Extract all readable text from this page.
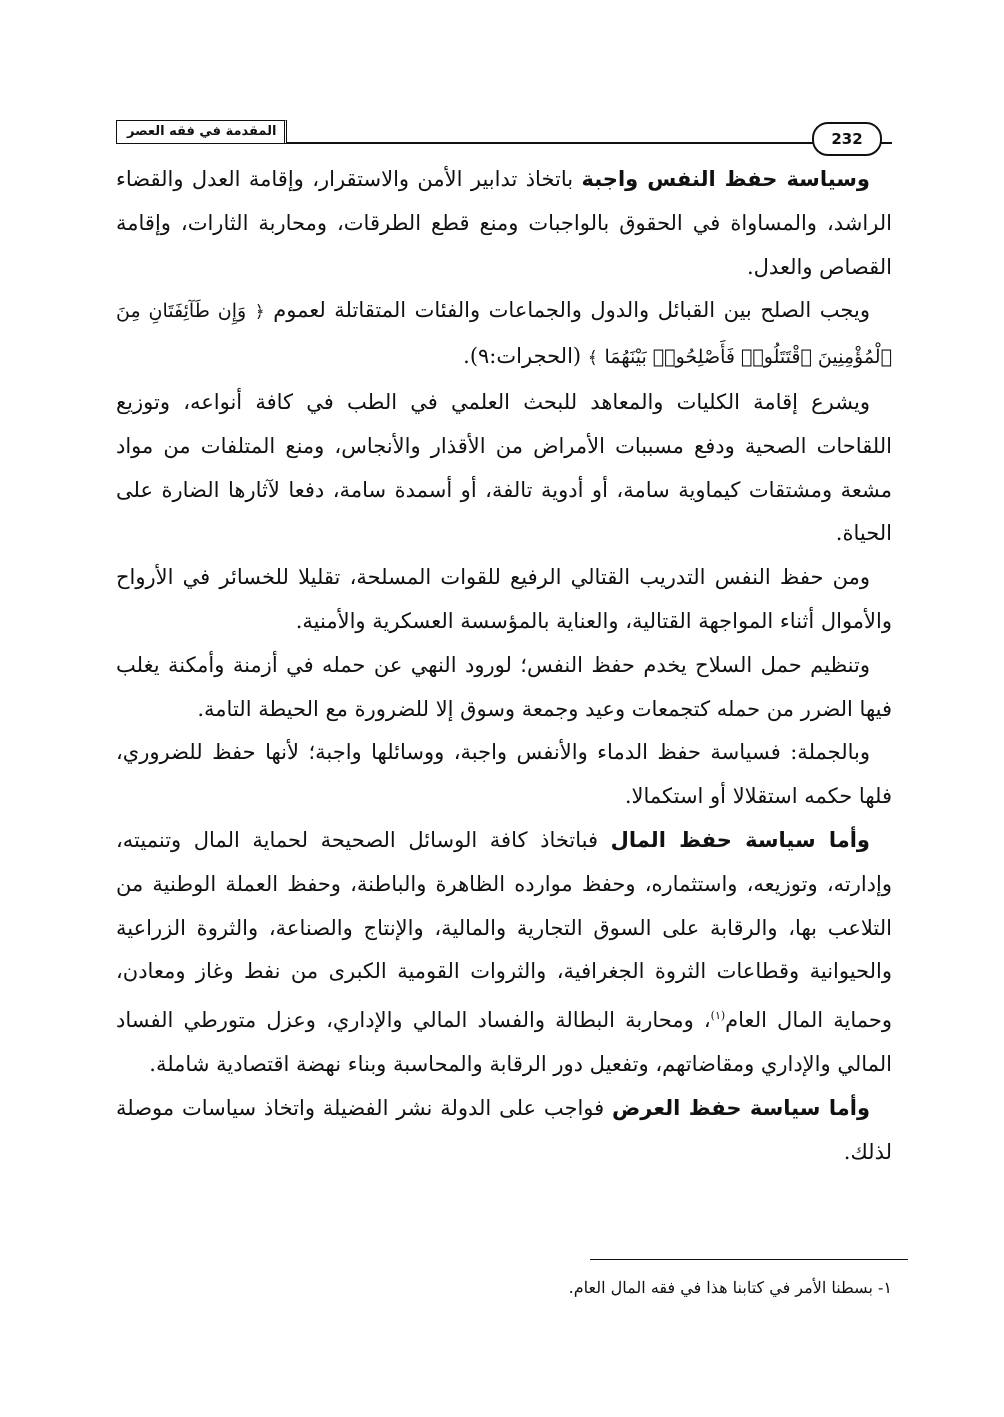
المقدمة في فقه العصر	232

وسياسة حفظ النفس واجبة باتخاذ تدابير الأمن والاستقرار، وإقامة العدل والقضاء الراشد، والمساواة في الحقوق بالواجبات ومنع قطع الطرقات، ومحاربة الثارات، وإقامة القصاص والعدل.

ويجب الصلح بين القبائل والدول والجماعات والفئات المتقاتلة لعموم ﴿ وَإِن طَآئِفَتَانِ مِنَ ٱلْمُؤْمِنِينَ ٱقْتَتَلُوا۟ فَأَصْلِحُوا۟ بَيْنَهُمَا ﴾ (الحجرات:٩).

ويشرع إقامة الكليات والمعاهد للبحث العلمي في الطب في كافة أنواعه، وتوزيع اللقاحات الصحية ودفع مسببات الأمراض من الأقذار والأنجاس، ومنع المتلفات من مواد مشعة ومشتقات كيماوية سامة، أو أدوية تالفة، أو أسمدة سامة، دفعا لآثارها الضارة على الحياة.

ومن حفظ النفس التدريب القتالي الرفيع للقوات المسلحة، تقليلا للخسائر في الأرواح والأموال أثناء المواجهة القتالية، والعناية بالمؤسسة العسكرية والأمنية.

وتنظيم حمل السلاح يخدم حفظ النفس؛ لورود النهي عن حمله في أزمنة وأمكنة يغلب فيها الضرر من حمله كتجمعات وعيد وجمعة وسوق إلا للضرورة مع الحيطة التامة.

وبالجملة: فسياسة حفظ الدماء والأنفس واجبة، ووسائلها واجبة؛ لأنها حفظ للضروري، فلها حكمه استقلالا أو استكمالا.

وأما سياسة حفظ المال فباتخاذ كافة الوسائل الصحيحة لحماية المال وتنميته، وإدارته، وتوزيعه، واستثماره، وحفظ موارده الظاهرة والباطنة، وحفظ العملة الوطنية من التلاعب بها، والرقابة على السوق التجارية والمالية، والإنتاج والصناعة، والثروة الزراعية والحيوانية وقطاعات الثروة الجغرافية، والثروات القومية الكبرى من نفط وغاز ومعادن، وحماية المال العام$^{(١)}$، ومحاربة البطالة والفساد المالي والإداري، وعزل متورطي الفساد المالي والإداري ومقاضاتهم، وتفعيل دور الرقابة والمحاسبة وبناء نهضة اقتصادية شاملة.

وأما سياسة حفظ العرض فواجب على الدولة نشر الفضيلة واتخاذ سياسات موصلة لذلك.

١- بسطنا الأمر في كتابنا هذا في فقه المال العام.
